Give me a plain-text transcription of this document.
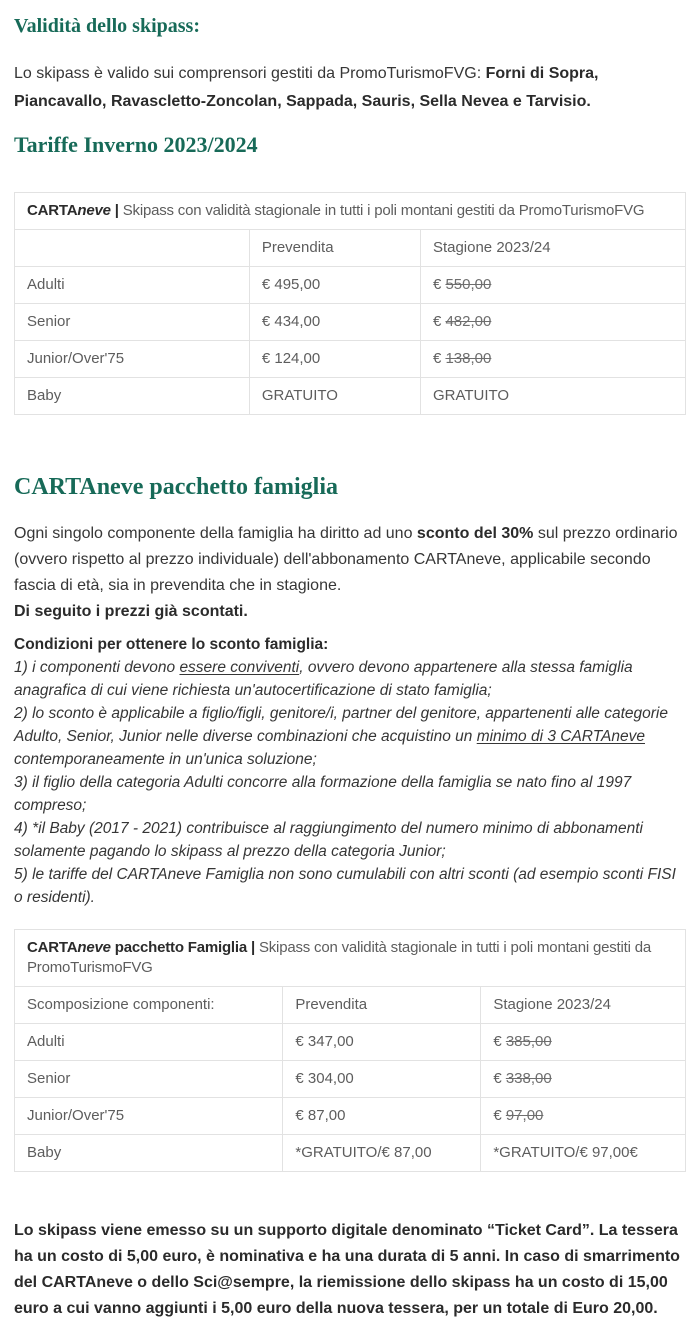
Validità dello skipass:

Lo skipass è valido sui comprensori gestiti da PromoTurismoFVG: Forni di Sopra, Piancavallo, Ravascletto-Zoncolan, Sappada, Sauris, Sella Nevea e Tarvisio.

Tariffe Inverno 2023/2024
CARTAneve | Skipass con validità stagionale in tutti i poli montani gestiti da PromoTurismoFVG		
	Prevendita	Stagione 2023/24
Adulti	€ 495,00	€ 550,00
Senior	€ 434,00	€ 482,00
Junior/Over'75	€ 124,00	€ 138,00
Baby	GRATUITO	GRATUITO
CARTAneve pacchetto famiglia

Ogni singolo componente della famiglia ha diritto ad uno sconto del 30% sul prezzo ordinario (ovvero rispetto al prezzo individuale) dell'abbonamento CARTAneve, applicabile secondo fascia di età, sia in prevendita che in stagione.
Di seguito i prezzi già scontati.

Condizioni per ottenere lo sconto famiglia:
1) i componenti devono essere conviventi, ovvero devono appartenere alla stessa famiglia anagrafica di cui viene richiesta un'autocertificazione di stato famiglia;
2) lo sconto è applicabile a figlio/figli, genitore/i, partner del genitore, appartenenti alle categorie Adulto, Senior, Junior nelle diverse combinazioni che acquistino un minimo di 3 CARTAneve contemporaneamente in un'unica soluzione;
3) il figlio della categoria Adulti concorre alla formazione della famiglia se nato fino al 1997 compreso;
4) *il Baby (2017 - 2021) contribuisce al raggiungimento del numero minimo di abbonamenti solamente pagando lo skipass al prezzo della categoria Junior;
5) le tariffe del CARTAneve Famiglia non sono cumulabili con altri sconti (ad esempio sconti FISI o residenti).
CARTAneve pacchetto Famiglia | Skipass con validità stagionale in tutti i poli montani gestiti da PromoTurismoFVG		
Scomposizione componenti:	Prevendita	Stagione 2023/24
Adulti	€ 347,00	€ 385,00
Senior	€ 304,00	€ 338,00
Junior/Over'75	€ 87,00	€ 97,00
Baby	*GRATUITO/€ 87,00	*GRATUITO/€ 97,00€

Lo skipass viene emesso su un supporto digitale denominato “Ticket Card”. La tessera ha un costo di 5,00 euro, è nominativa e ha una durata di 5 anni. In caso di smarrimento del CARTAneve o dello Sci@sempre, la riemissione dello skipass ha un costo di 15,00 euro a cui vanno aggiunti i 5,00 euro della nuova tessera, per un totale di Euro 20,00.
